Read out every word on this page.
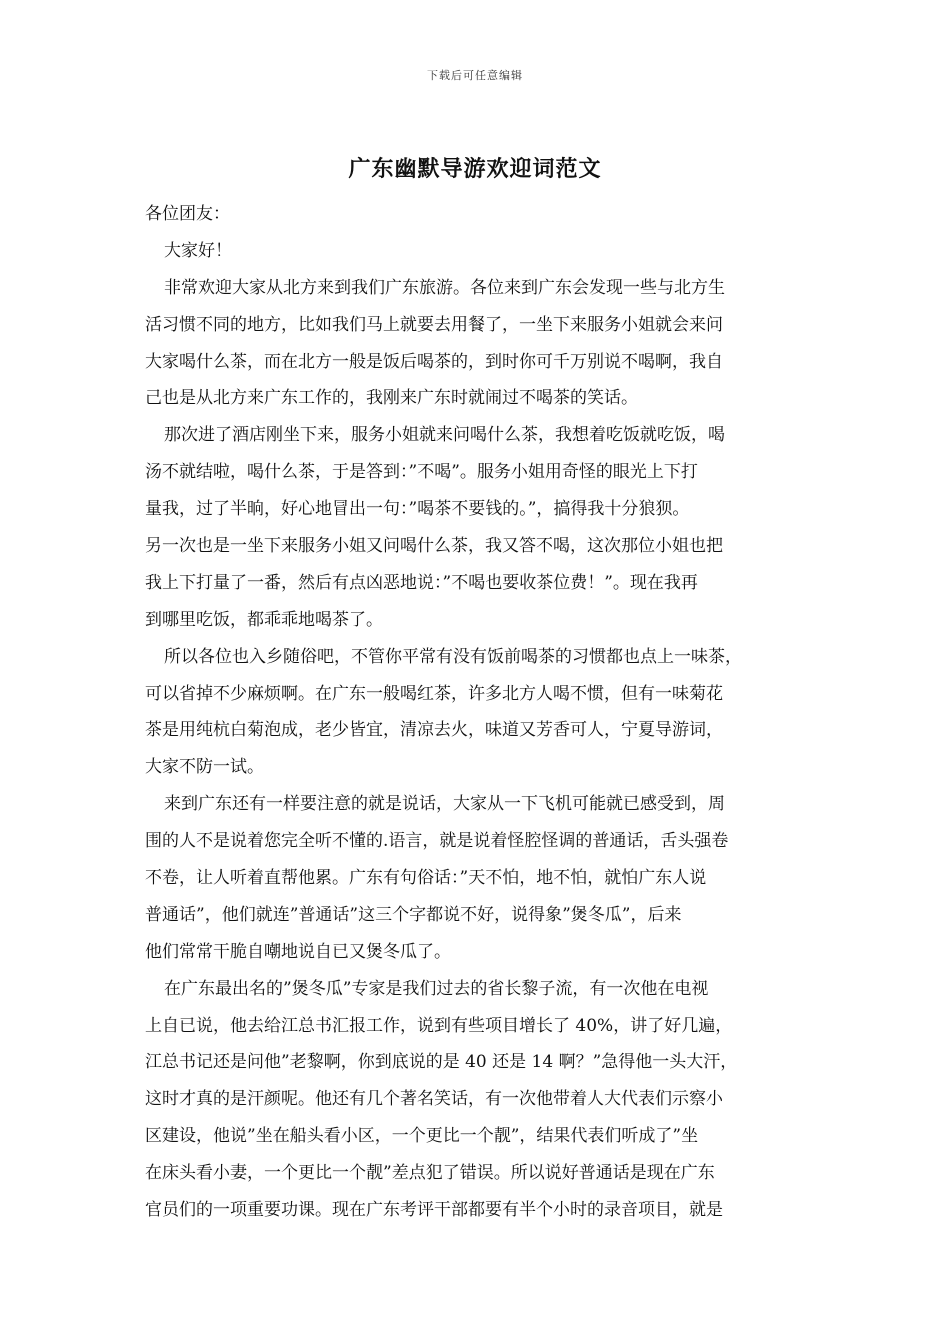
下载后可任意编辑
广东幽默导游欢迎词范文
各位团友：
大家好！
非常欢迎大家从北方来到我们广东旅游。各位来到广东会发现一些与北方生
活习惯不同的地方，比如我们马上就要去用餐了，一坐下来服务小姐就会来问
大家喝什么茶，而在北方一般是饭后喝茶的，到时你可千万别说不喝啊，我自
己也是从北方来广东工作的，我刚来广东时就闹过不喝茶的笑话。
那次进了酒店刚坐下来，服务小姐就来问喝什么茶，我想着吃饭就吃饭，喝
汤不就结啦，喝什么茶，于是答到：”不喝”。服务小姐用奇怪的眼光上下打
量我，过了半晌，好心地冒出一句：”喝茶不要钱的。”，搞得我十分狼狈。
另一次也是一坐下来服务小姐又问喝什么茶，我又答不喝，这次那位小姐也把
我上下打量了一番，然后有点凶恶地说：”不喝也要收茶位费！”。现在我再
到哪里吃饭，都乖乖地喝茶了。
所以各位也入乡随俗吧，不管你平常有没有饭前喝茶的习惯都也点上一味茶，
可以省掉不少麻烦啊。在广东一般喝红茶，许多北方人喝不惯，但有一味菊花
茶是用纯杭白菊泡成，老少皆宜，清凉去火，味道又芳香可人，宁夏导游词，
大家不防一试。
来到广东还有一样要注意的就是说话，大家从一下飞机可能就已感受到，周
围的人不是说着您完全听不懂的.语言，就是说着怪腔怪调的普通话，舌头强卷
不卷，让人听着直帮他累。广东有句俗话：”天不怕，地不怕，就怕广东人说
普通话”，他们就连”普通话”这三个字都说不好，说得象”煲冬瓜”，后来
他们常常干脆自嘲地说自已又煲冬瓜了。
在广东最出名的”煲冬瓜”专家是我们过去的省长黎子流，有一次他在电视
上自已说，他去给江总书汇报工作，说到有些项目增长了 40%，讲了好几遍，
江总书记还是问他”老黎啊，你到底说的是 40 还是 14 啊？”急得他一头大汗，
这时才真的是汗颜呢。他还有几个著名笑话，有一次他带着人大代表们示察小
区建设，他说”坐在船头看小区，一个更比一个靓”，结果代表们听成了”坐
在床头看小妻，一个更比一个靓”差点犯了错误。所以说好普通话是现在广东
官员们的一项重要功课。现在广东考评干部都要有半个小时的录音项目，就是
